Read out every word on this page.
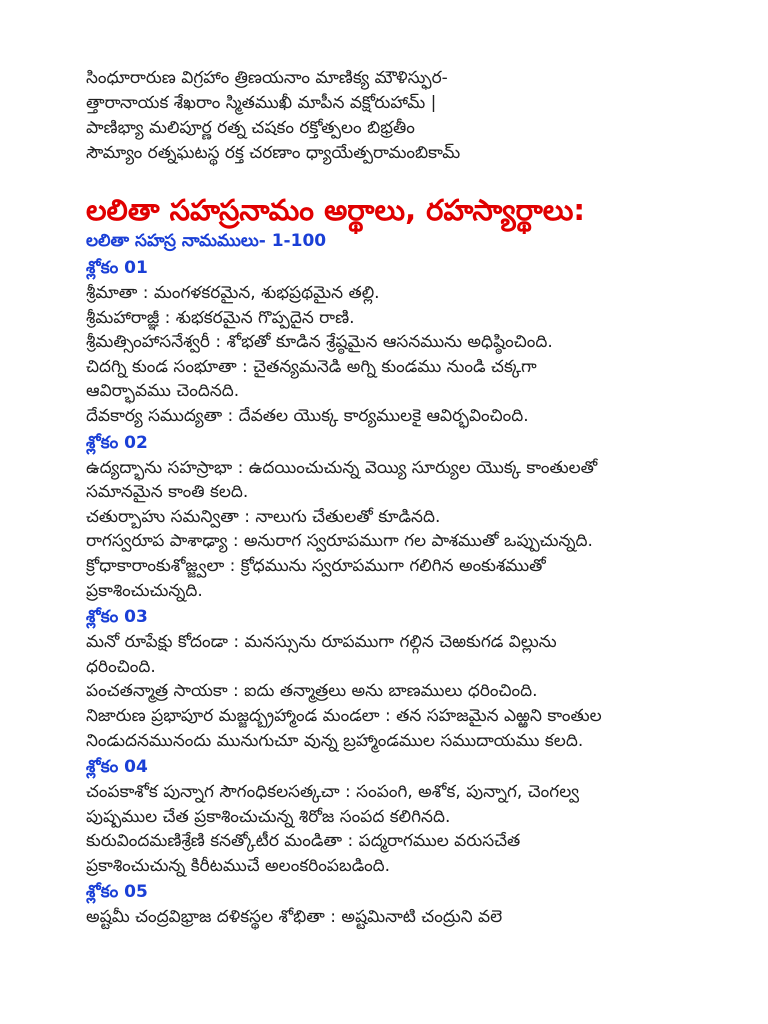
సింధూరారుణ విగ్రహాం త్రిణయనాం మాణిక్య మౌళిస్ఫుర-
త్తారానాయక శేఖరాం స్మితముఖీ మాపీన వక్షోరుహామ్ |
పాణిభ్యా మలిపూర్ణ రత్న చషకం రక్తోత్పలం బిభ్రతీం
సౌమ్యాం రత్నఘటస్థ రక్త చరణాం ధ్యాయేత్పరామంబికామ్
లలితా సహస్రనామం అర్థాలు, రహస్యార్థాలు:
లలితా సహస్ర నామములు- 1-100
శ్లోకం 01
శ్రీమాతా : మంగళకరమైన, శుభప్రథమైన తల్లి.
శ్రీమహారాజ్ఞీ : శుభకరమైన గొప్పదైన రాణి.
శ్రీమత్సింహాసనేశ్వరీ : శోభతో కూడిన శ్రేష్ఠమైన ఆసనమును అధిష్ఠించింది.
చిదగ్ని కుండ సంభూతా : చైతన్యమనెడి అగ్ని కుండము నుండి చక్కగా
ఆవిర్భావము చెందినది.
దేవకార్య సముద్యతా : దేవతల యొక్క కార్యములకై ఆవిర్భవించింది.
శ్లోకం 02
ఉద్యద్భాను సహస్రాభా : ఉదయించుచున్న వెయ్యి సూర్యుల యొక్క కాంతులతో
సమానమైన కాంతి కలది.
చతుర్బాహు సమన్వితా : నాలుగు చేతులతో కూడినది.
రాగస్వరూప పాశాఢ్యా : అనురాగ స్వరూపముగా గల పాశముతో ఒప్పుచున్నది.
క్రోధాకారాంకుశోజ్జ్వలా : క్రోధమును స్వరూపముగా గలిగిన అంకుశముతో
ప్రకాశించుచున్నది.
శ్లోకం 03
మనో రూపేక్షు కోదండా : మనస్సును రూపముగా గల్గిన చెఱకుగడ విల్లును
ధరించింది.
పంచతన్మాత్ర సాయకా : ఐదు తన్మాత్రలు అను బాణములు ధరించింది.
నిజారుణ ప్రభాపూర మజ్జద్బ్రహ్మాండ మండలా : తన సహజమైన ఎఱ్ఱని కాంతుల
నిండుదనమునందు మునుగుచూ వున్న బ్రహ్మాండముల సముదాయము కలది.
శ్లోకం 04
చంపకాశోక పున్నాగ సౌగంధికలసత్కచా : సంపంగి, అశోక, పున్నాగ, చెంగల్వ
పుష్పముల చేత ప్రకాశించుచున్న శిరోజ సంపద కలిగినది.
కురువిందమణిశ్రేణి కనత్కోటీర మండితా : పద్మరాగముల వరుసచేత
ప్రకాశించుచున్న కిరీటముచే అలంకరింపబడింది.
శ్లోకం 05
అష్టమీ చంద్రవిభ్రాజ దళికస్థల శోభితా : అష్టమినాటి చంద్రుని వలె
